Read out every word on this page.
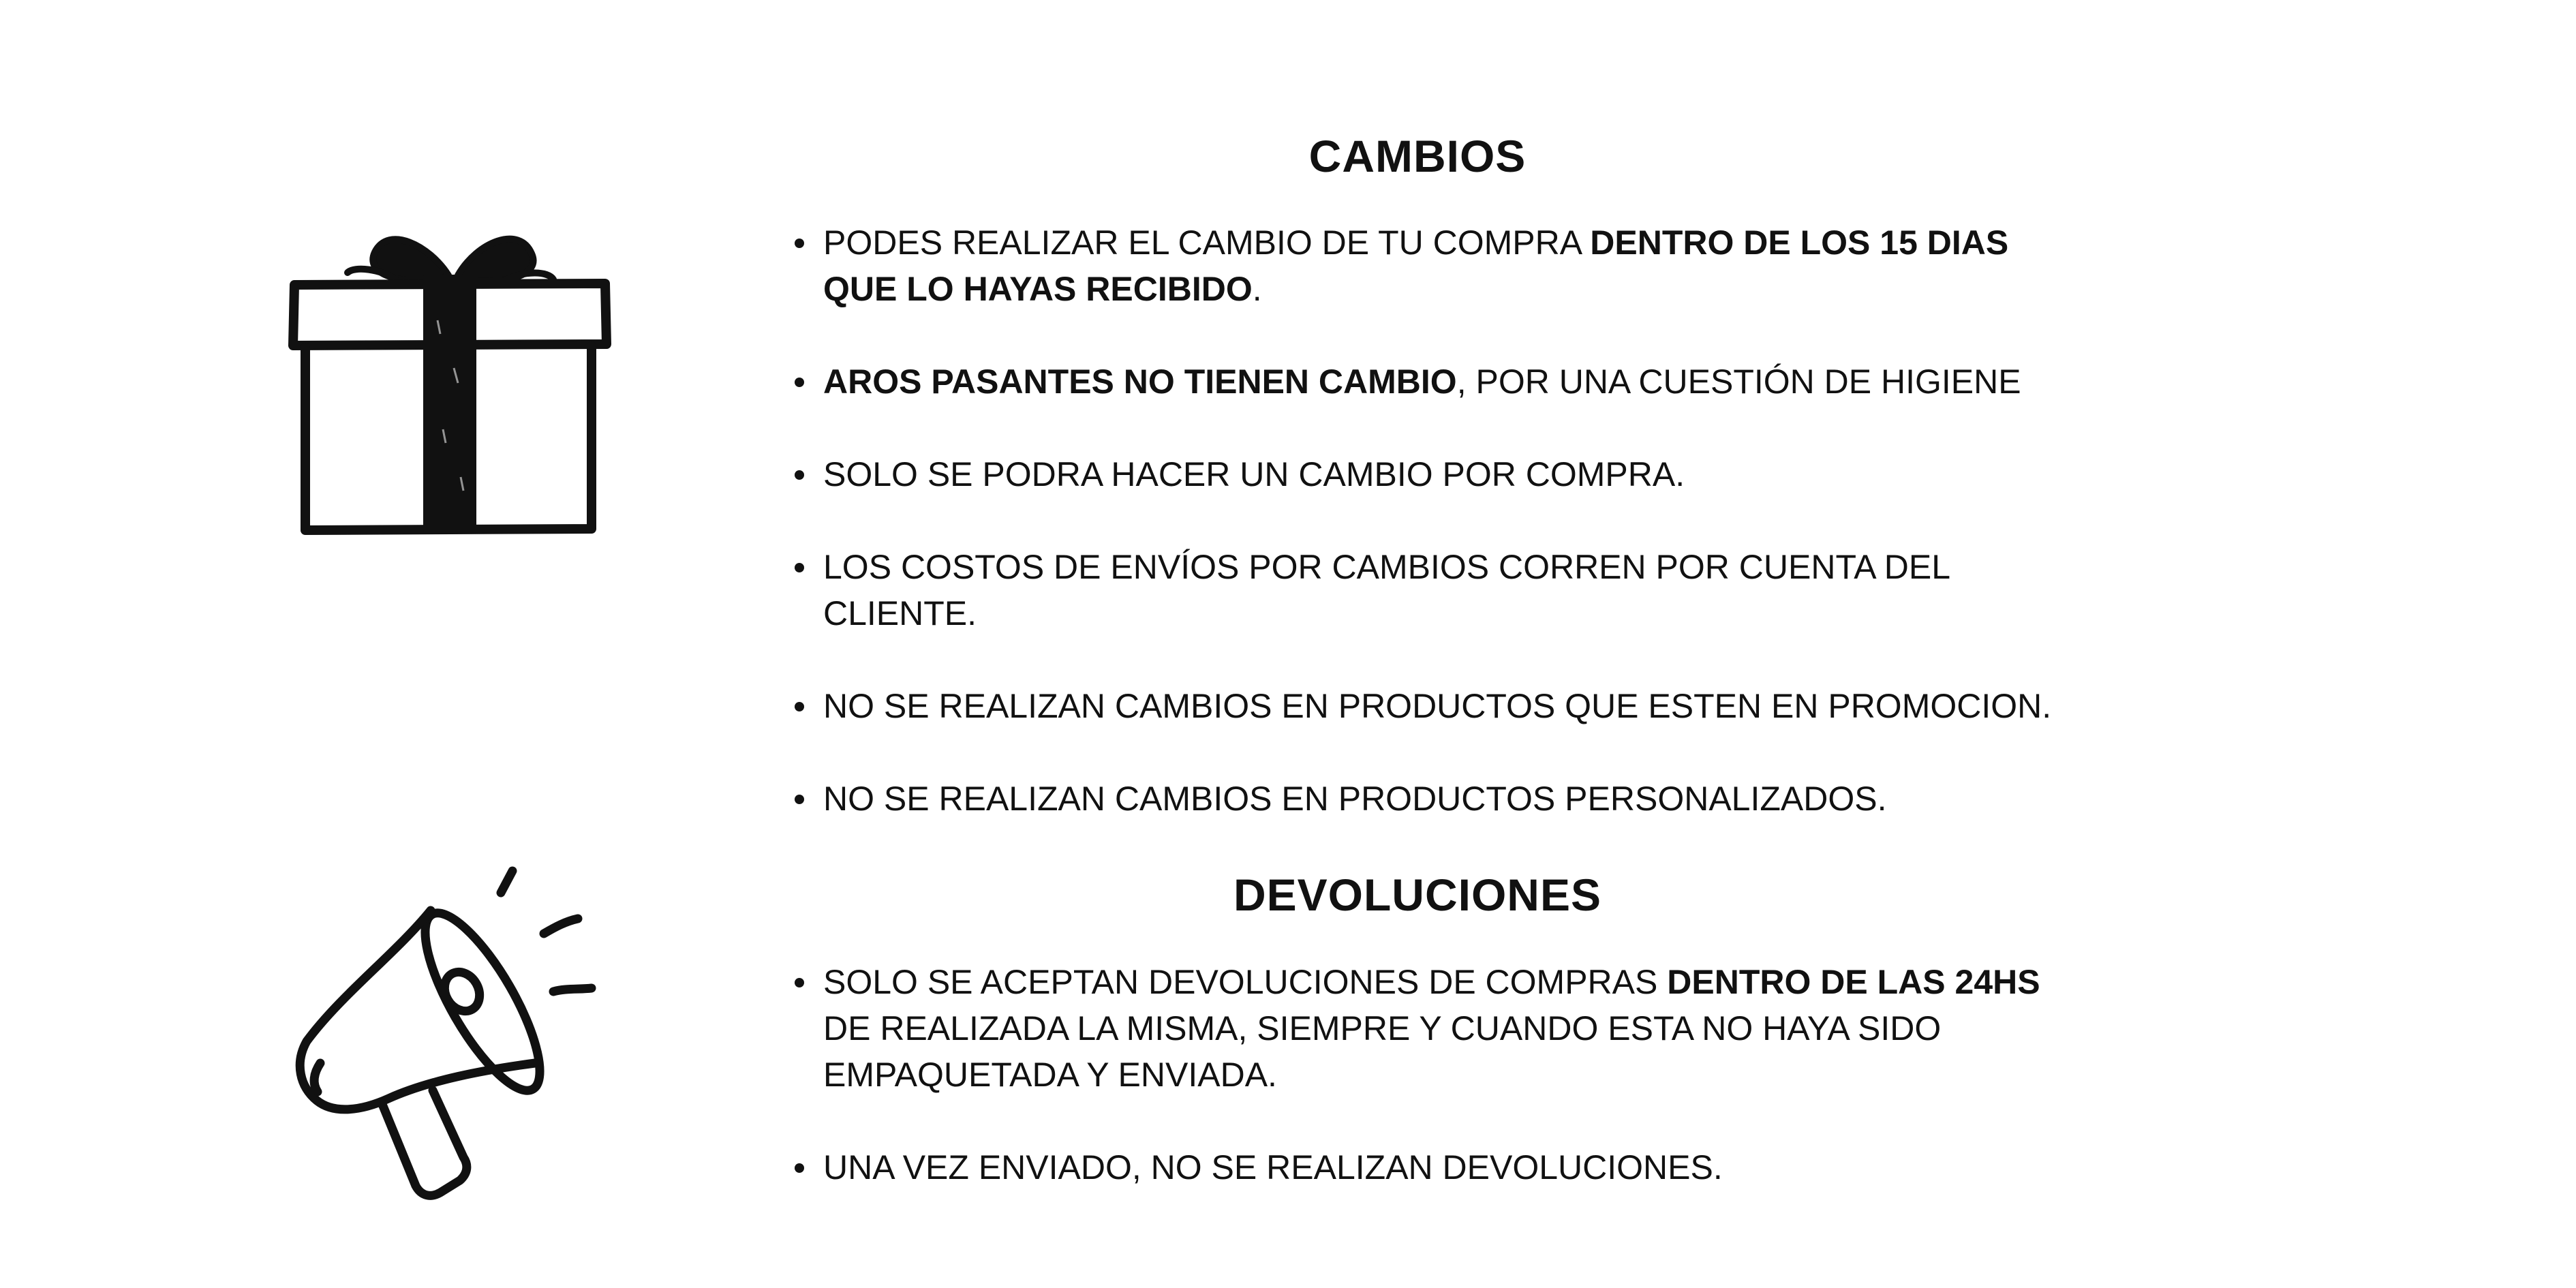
CAMBIOS
PODES REALIZAR EL CAMBIO DE TU COMPRA DENTRO DE LOS 15 DIAS QUE LO HAYAS RECIBIDO.
AROS PASANTES NO TIENEN CAMBIO, POR UNA CUESTIÓN DE HIGIENE
SOLO SE PODRA HACER UN CAMBIO POR COMPRA.
LOS COSTOS DE ENVÍOS POR CAMBIOS CORREN POR CUENTA DEL CLIENTE.
NO SE REALIZAN CAMBIOS EN PRODUCTOS QUE ESTEN EN PROMOCION.
NO SE REALIZAN CAMBIOS EN PRODUCTOS PERSONALIZADOS.
DEVOLUCIONES
SOLO SE ACEPTAN DEVOLUCIONES DE COMPRAS DENTRO DE LAS 24HS DE REALIZADA LA MISMA, SIEMPRE Y CUANDO ESTA NO HAYA SIDO EMPAQUETADA Y ENVIADA.
UNA VEZ ENVIADO, NO SE REALIZAN DEVOLUCIONES.
